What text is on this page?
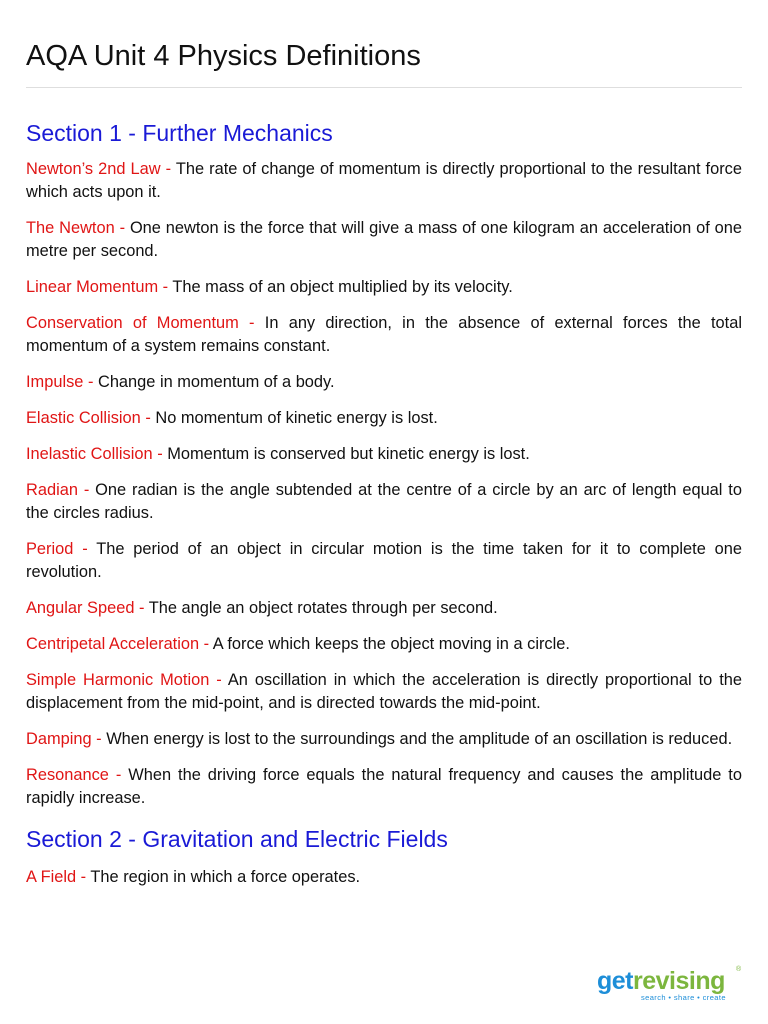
AQA Unit 4 Physics Definitions
Section 1 - Further Mechanics

Newton’s 2nd Law - The rate of change of momentum is directly proportional to the resultant force which acts upon it.

The Newton - One newton is the force that will give a mass of one kilogram an acceleration of one metre per second.

Linear Momentum - The mass of an object multiplied by its velocity.

Conservation of Momentum - In any direction, in the absence of external forces the total momentum of a system remains constant.

Impulse - Change in momentum of a body.

Elastic Collision - No momentum of kinetic energy is lost.

Inelastic Collision - Momentum is conserved but kinetic energy is lost.

Radian - One radian is the angle subtended at the centre of a circle by an arc of length equal to the circles radius.

Period - The period of an object in circular motion is the time taken for it to complete one revolution.

Angular Speed - The angle an object rotates through per second.

Centripetal Acceleration - A force which keeps the object moving in a circle.

Simple Harmonic Motion - An oscillation in which the acceleration is directly proportional to the displacement from the mid-point, and is directed towards the mid-point.

Damping - When energy is lost to the surroundings and the amplitude of an oscillation is reduced.

Resonance - When the driving force equals the natural frequency and causes the amplitude to rapidly increase.

Section 2 - Gravitation and Electric Fields

A Field - The region in which a force operates.

getrevising	®
search • share • create
